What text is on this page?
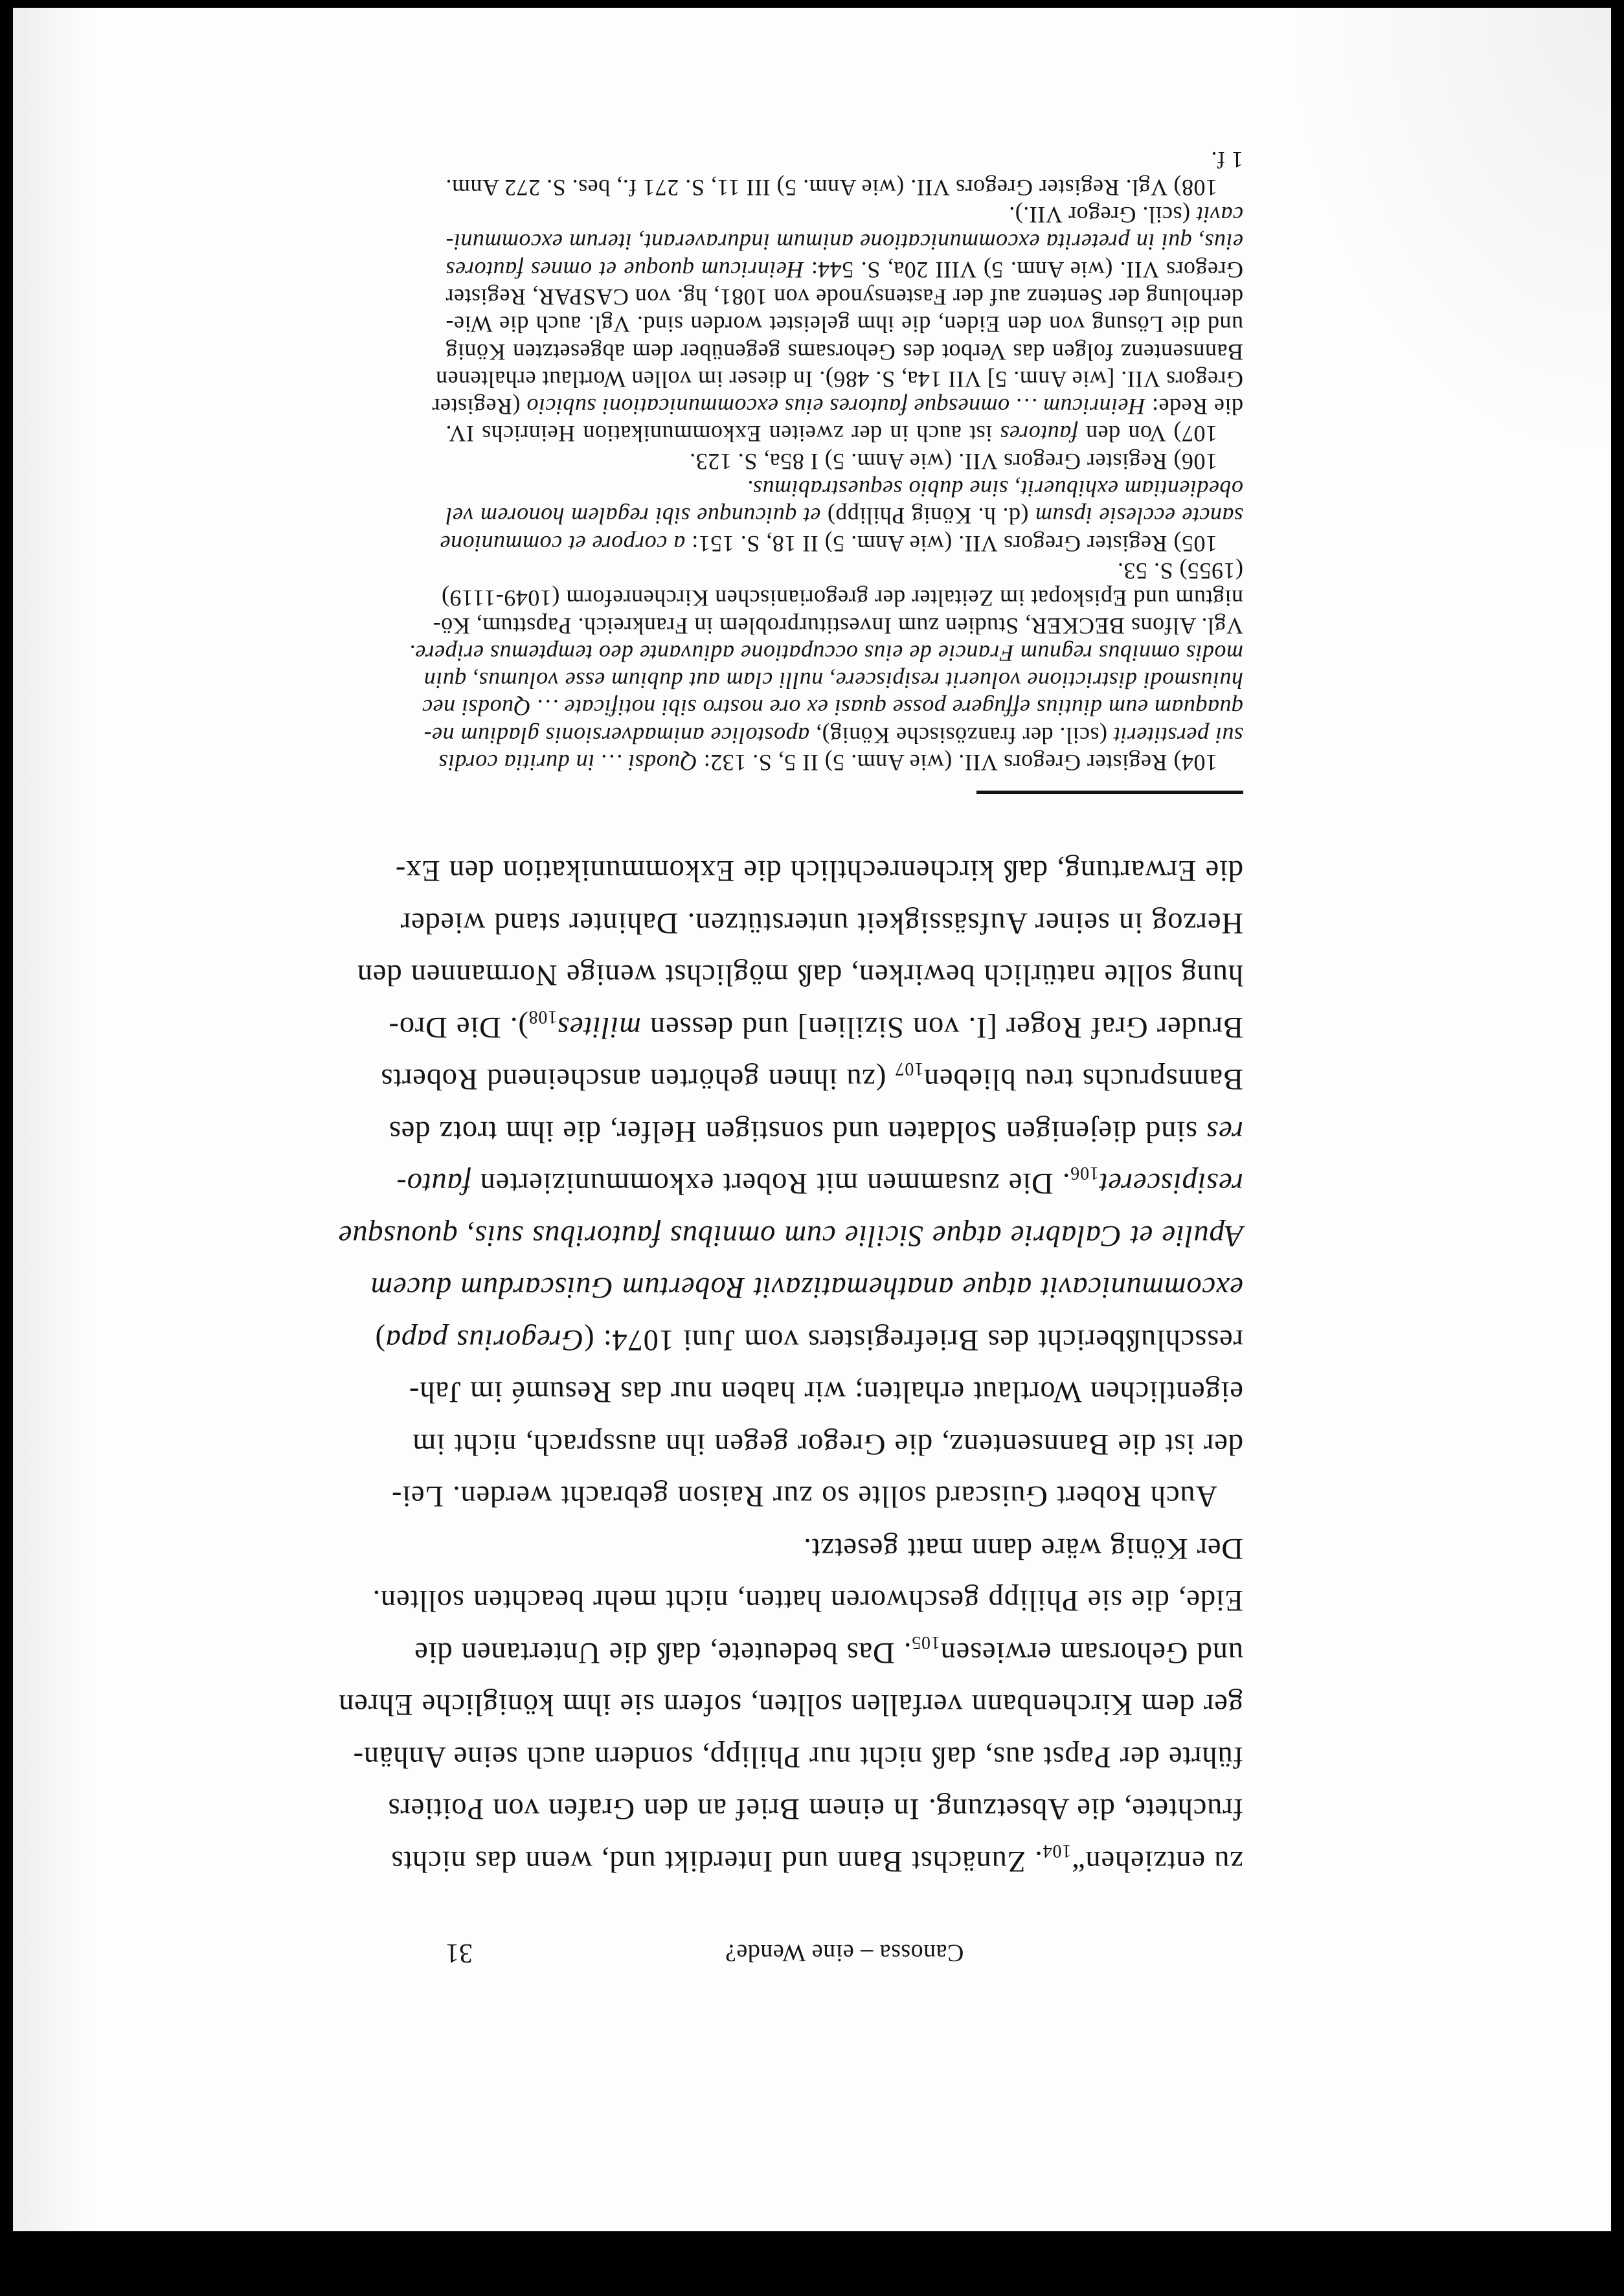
Canossa – eine Wende?
31
zu $entziehen“_{104}$. Zunächst Bann und Interdikt und, wenn das nichts
fruchtete, die Absetzung. In einem Brief an den Grafen von Poitiers
führte der Papst aus, daß nicht nur Philipp, sondern auch seine Anhän-
ger dem Kirchenbann verfallen sollten, sofern sie ihm königliche Ehren
und Gehorsam erwiesen$_{105}$. Das bedeutete, daß die Untertanen die
Eide, die sie Philipp geschworen hatten, nicht mehr beachten sollten.
Der König wäre dann matt gesetzt.
Auch Robert Guiscard sollte so zur Raison gebracht werden. Lei-
der ist die Bannsentenz, die Gregor gegen ihn aussprach, nicht im
eigentlichen Wortlaut erhalten; wir haben nur das Resumé im Jah-
resschlußbericht des Briefregisters vom Juni 1074: (Gregorius papa)
excommunicavit atque anathematizavit Robertum Guiscardum ducem
Apulie et Calabrie atque Sicilie cum omnibus fautoribus suis, quousque
resipisceret$_{106}$. Die zusammen mit Robert exkommunizierten fauto-
res sind diejenigen Soldaten und sonstigen Helfer, die ihm trotz des
Bannspruchs treu blieben$_{107}$ (zu ihnen gehörten anscheinend Roberts
Bruder Graf Roger [I. von Sizilien] und dessen milites$_{108}$). Die Dro-
hung sollte natürlich bewirken, daß möglichst wenige Normannen den
Herzog in seiner Aufsässigkeit unterstützen. Dahinter stand wieder
die Erwartung, daß kirchenrechtlich die Exkommunikation den Ex-
104) Register Gregors VII. (wie Anm. 5) II 5, S. 132: Quodsi … in duritia cordis
sui perstiterit (scil. der französische König), apostolice animadversionis gladium ne-
quaquam eum diutius effugere posse quasi ex ore nostro sibi notificate … Quodsi nec
huiusmodi districtione voluerit resipiscere, nulli clam aut dubium esse volumus, quin
modis omnibus regnum Francie de eius occupatione adiuvante deo temptemus eripere.
Vgl. Alfons BECKER, Studien zum Investiturproblem in Frankreich. Papsttum, Kö-
nigtum und Episkopat im Zeitalter der gregorianischen Kirchenreform (1049-1119)
(1955) S. 53.
105) Register Gregors VII. (wie Anm. 5) II 18, S. 151: a corpore et communione
sancte ecclesie ipsum (d. h. König Philipp) et quicunque sibi regalem honorem vel
obedientiam exhibuerit, sine dubio sequestrabimus.
106) Register Gregors VII. (wie Anm. 5) I 85a, S. 123.
107) Von den fautores ist auch in der zweiten Exkommunikation Heinrichs IV.
die Rede: Heinricum … omnesque fautores eius excommunicationi subicio (Register
Gregors VII. [wie Anm. 5] VII 14a, S. 486). In dieser im vollen Wortlaut erhaltenen
Bannsentenz folgen das Verbot des Gehorsams gegenüber dem abgesetzten König
und die Lösung von den Eiden, die ihm geleistet worden sind. Vgl. auch die Wie-
derholung der Sentenz auf der Fastensynode von 1081, hg. von CASPAR, Register
Gregors VII. (wie Anm. 5) VIII 20a, S. 544: Heinricum quoque et omnes fautores
eius, qui in preterita excommunicatione animum induraverant, iterum excommuni-
cavit (scil. Gregor VII.).
108) Vgl. Register Gregors VII. (wie Anm. 5) III 11, S. 271 f., bes. S. 272 Anm.
1 f.
